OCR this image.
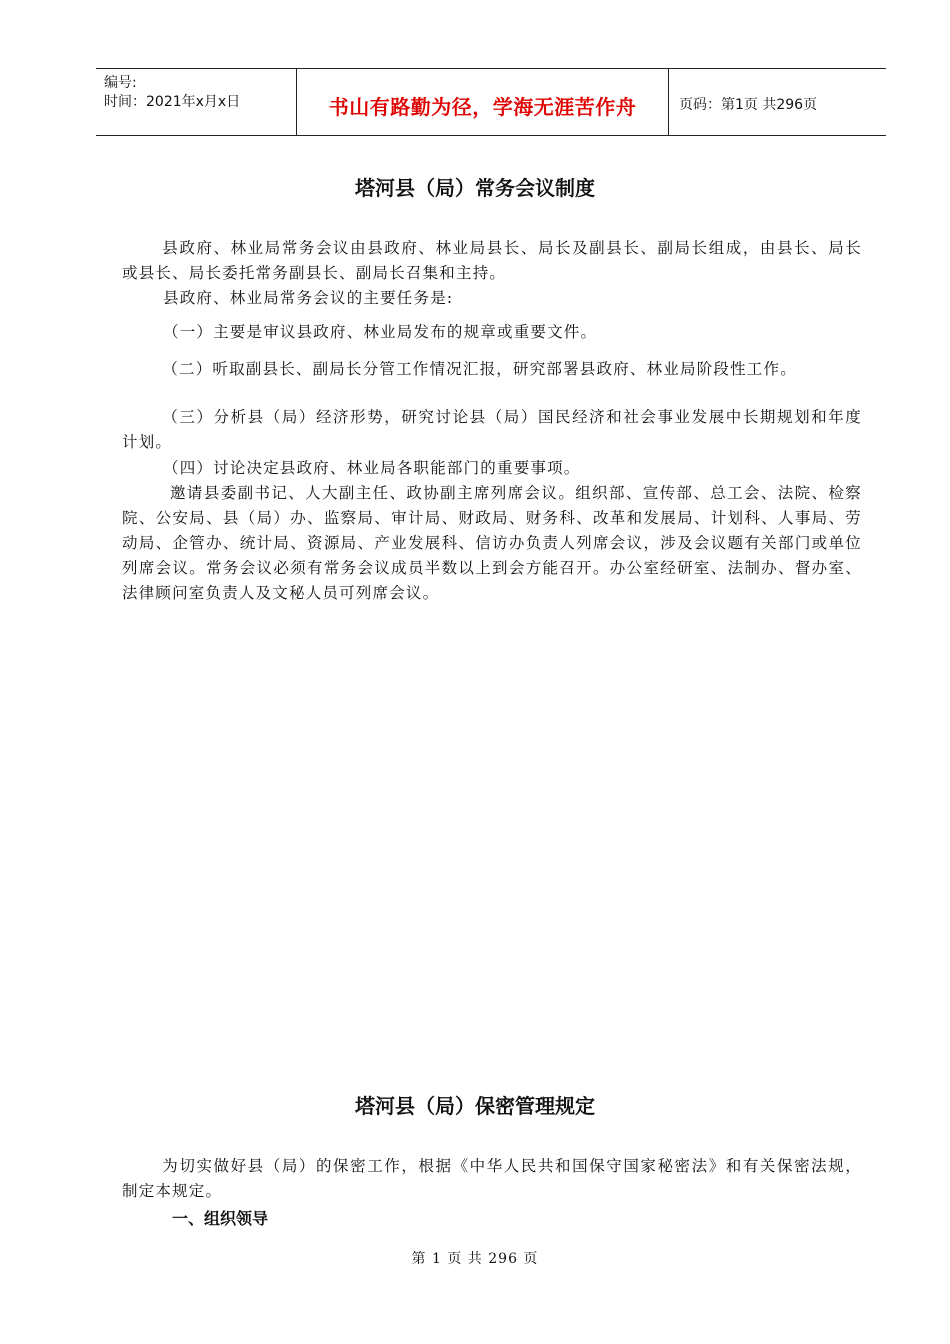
编号:
时间：2021年x月x日	书山有路勤为径，学海无涯苦作舟	页码：第1页 共296页
塔河县（局）常务会议制度

县政府、林业局常务会议由县政府、林业局县长、局长及副县长、副局长组成，由县长、局长或县长、局长委托常务副县长、副局长召集和主持。

县政府、林业局常务会议的主要任务是:
（一）主要是审议县政府、林业局发布的规章或重要文件。

（二）听取副县长、副局长分管工作情况汇报，研究部署县政府、林业局阶段性工作。

（三）分析县（局）经济形势，研究讨论县（局）国民经济和社会事业发展中长期规划和年度计划。

（四）讨论决定县政府、林业局各职能部门的重要事项。

邀请县委副书记、人大副主任、政协副主席列席会议。组织部、宣传部、总工会、法院、检察院、公安局、县（局）办、监察局、审计局、财政局、财务科、改革和发展局、计划科、人事局、劳动局、企管办、统计局、资源局、产业发展科、信访办负责人列席会议，涉及会议题有关部门或单位列席会议。常务会议必须有常务会议成员半数以上到会方能召开。办公室经研室、法制办、督办室、法律顾问室负责人及文秘人员可列席会议。

塔河县（局）保密管理规定

为切实做好县（局）的保密工作，根据《中华人民共和国保守国家秘密法》和有关保密法规，制定本规定。

一、组织领导
第 1 页 共 296 页
